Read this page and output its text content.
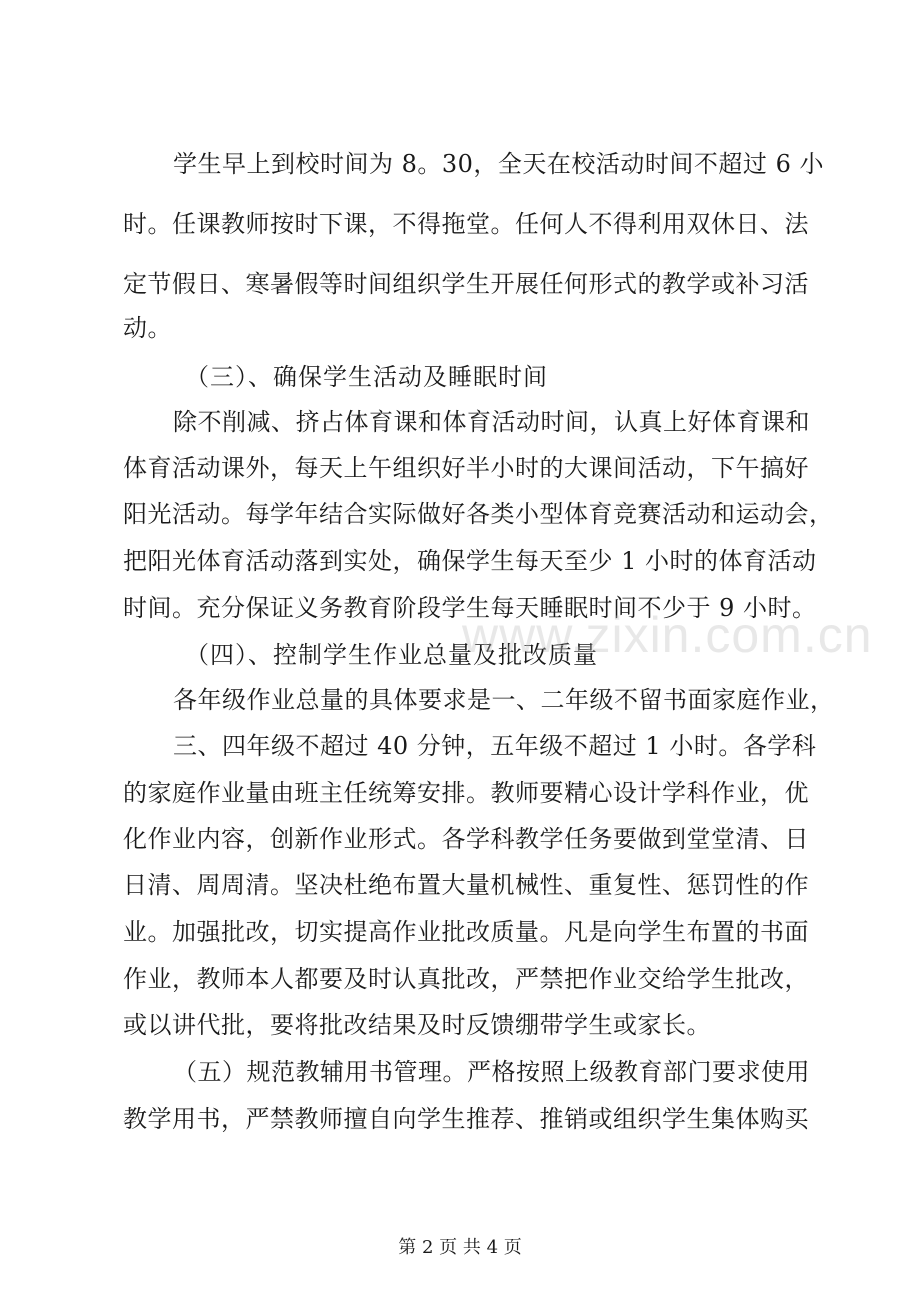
学生早上到校时间为 8。30，全天在校活动时间不超过 6 小
时。任课教师按时下课，不得拖堂。任何人不得利用双休日、法
定节假日、寒暑假等时间组织学生开展任何形式的教学或补习活
动。
（三）、确保学生活动及睡眠时间
除不削减、挤占体育课和体育活动时间，认真上好体育课和
体育活动课外，每天上午组织好半小时的大课间活动，下午搞好
阳光活动。每学年结合实际做好各类小型体育竞赛活动和运动会，
把阳光体育活动落到实处，确保学生每天至少 1 小时的体育活动
时间。充分保证义务教育阶段学生每天睡眠时间不少于 9 小时。
（四）、控制学生作业总量及批改质量
各年级作业总量的具体要求是一、二年级不留书面家庭作业，
三、四年级不超过 40 分钟，五年级不超过 1 小时。各学科
的家庭作业量由班主任统筹安排。教师要精心设计学科作业，优
化作业内容，创新作业形式。各学科教学任务要做到堂堂清、日
日清、周周清。坚决杜绝布置大量机械性、重复性、惩罚性的作
业。加强批改，切实提高作业批改质量。凡是向学生布置的书面
作业，教师本人都要及时认真批改，严禁把作业交给学生批改，
或以讲代批，要将批改结果及时反馈绷带学生或家长。
（五）规范教辅用书管理。严格按照上级教育部门要求使用
教学用书，严禁教师擅自向学生推荐、推销或组织学生集体购买
www.zixin.com.cn
第 2 页 共 4 页
